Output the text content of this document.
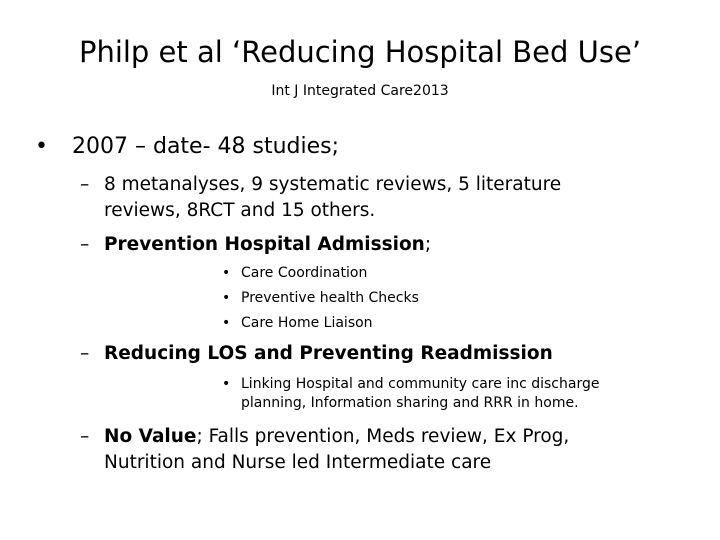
Philp et al ‘Reducing Hospital Bed Use’
Int J Integrated Care2013
• 2007 – date- 48 studies;
– 8 metanalyses, 9 systematic reviews, 5 literature
reviews, 8RCT and 15 others.
– Prevention Hospital Admission;
• Care Coordination
• Preventive health Checks
• Care Home Liaison
– Reducing LOS and Preventing Readmission
• Linking Hospital and community care inc discharge
planning, Information sharing and RRR in home.
– No Value; Falls prevention, Meds review, Ex Prog,
Nutrition and Nurse led Intermediate care
